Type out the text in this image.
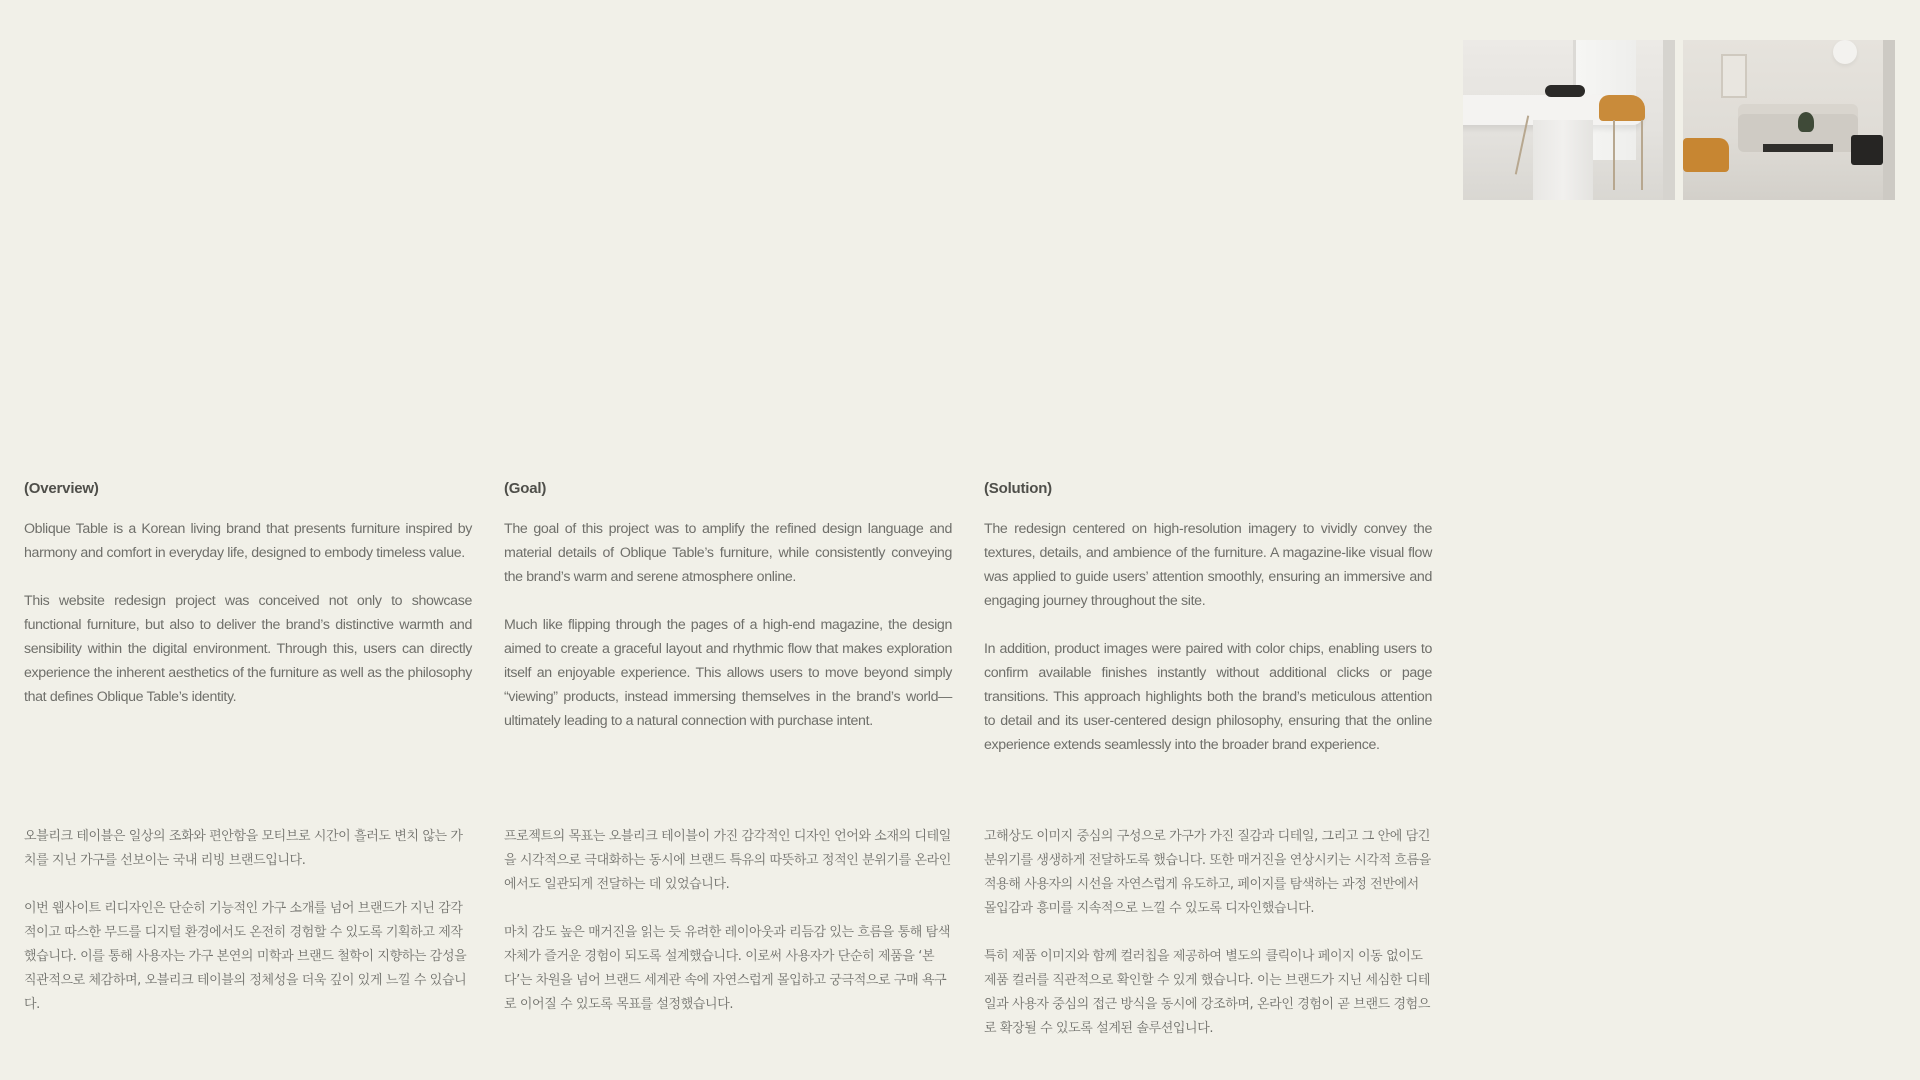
(Overview)

Oblique Table is a Korean living brand that presents furniture inspired by harmony and comfort in everyday life, designed to embody timeless value.

This website redesign project was conceived not only to showcase functional furniture, but also to deliver the brand’s distinctive warmth and sensibility within the digital environment. Through this, users can directly experience the inherent aesthetics of the furniture as well as the philosophy that defines Oblique Table’s identity.

(Goal)

The goal of this project was to amplify the refined design language and material details of Oblique Table’s furniture, while consistently conveying the brand’s warm and serene atmosphere online.

Much like flipping through the pages of a high-end magazine, the design aimed to create a graceful layout and rhythmic flow that makes exploration itself an enjoyable experience. This allows users to move beyond simply “viewing” products, instead immersing themselves in the brand’s world—ultimately leading to a natural connection with purchase intent.

(Solution)

The redesign centered on high-resolution imagery to vividly convey the textures, details, and ambience of the furniture. A magazine-like visual flow was applied to guide users’ attention smoothly, ensuring an immersive and engaging journey throughout the site.

In addition, product images were paired with color chips, enabling users to confirm available finishes instantly without additional clicks or page transitions. This approach highlights both the brand’s meticulous attention to detail and its user-centered design philosophy, ensuring that the online experience extends seamlessly into the broader brand experience.

오블리크 테이블은 일상의 조화와 편안함을 모티브로 시간이 흘러도 변치 않는 가치를 지닌 가구를 선보이는 국내 리빙 브랜드입니다.

이번 웹사이트 리디자인은 단순히 기능적인 가구 소개를 넘어 브랜드가 지닌 감각적이고 따스한 무드를 디지털 환경에서도 온전히 경험할 수 있도록 기획하고 제작했습니다. 이를 통해 사용자는 가구 본연의 미학과 브랜드 철학이 지향하는 감성을 직관적으로 체감하며, 오블리크 테이블의 정체성을 더욱 깊이 있게 느낄 수 있습니다.

프로젝트의 목표는 오블리크 테이블이 가진 감각적인 디자인 언어와 소재의 디테일을 시각적으로 극대화하는 동시에 브랜드 특유의 따뜻하고 정적인 분위기를 온라인에서도 일관되게 전달하는 데 있었습니다.

마치 감도 높은 매거진을 읽는 듯 유려한 레이아웃과 리듬감 있는 흐름을 통해 탐색 자체가 즐거운 경험이 되도록 설계했습니다. 이로써 사용자가 단순히 제품을 ‘본다’는 차원을 넘어 브랜드 세계관 속에 자연스럽게 몰입하고 궁극적으로 구매 욕구로 이어질 수 있도록 목표를 설정했습니다.

고해상도 이미지 중심의 구성으로 가구가 가진 질감과 디테일, 그리고 그 안에 담긴 분위기를 생생하게 전달하도록 했습니다. 또한 매거진을 연상시키는 시각적 흐름을 적용해 사용자의 시선을 자연스럽게 유도하고, 페이지를 탐색하는 과정 전반에서 몰입감과 흥미를 지속적으로 느낄 수 있도록 디자인했습니다.

특히 제품 이미지와 함께 컬러칩을 제공하여 별도의 클릭이나 페이지 이동 없이도 제품 컬러를 직관적으로 확인할 수 있게 했습니다. 이는 브랜드가 지닌 세심한 디테일과 사용자 중심의 접근 방식을 동시에 강조하며, 온라인 경험이 곧 브랜드 경험으로 확장될 수 있도록 설계된 솔루션입니다.
